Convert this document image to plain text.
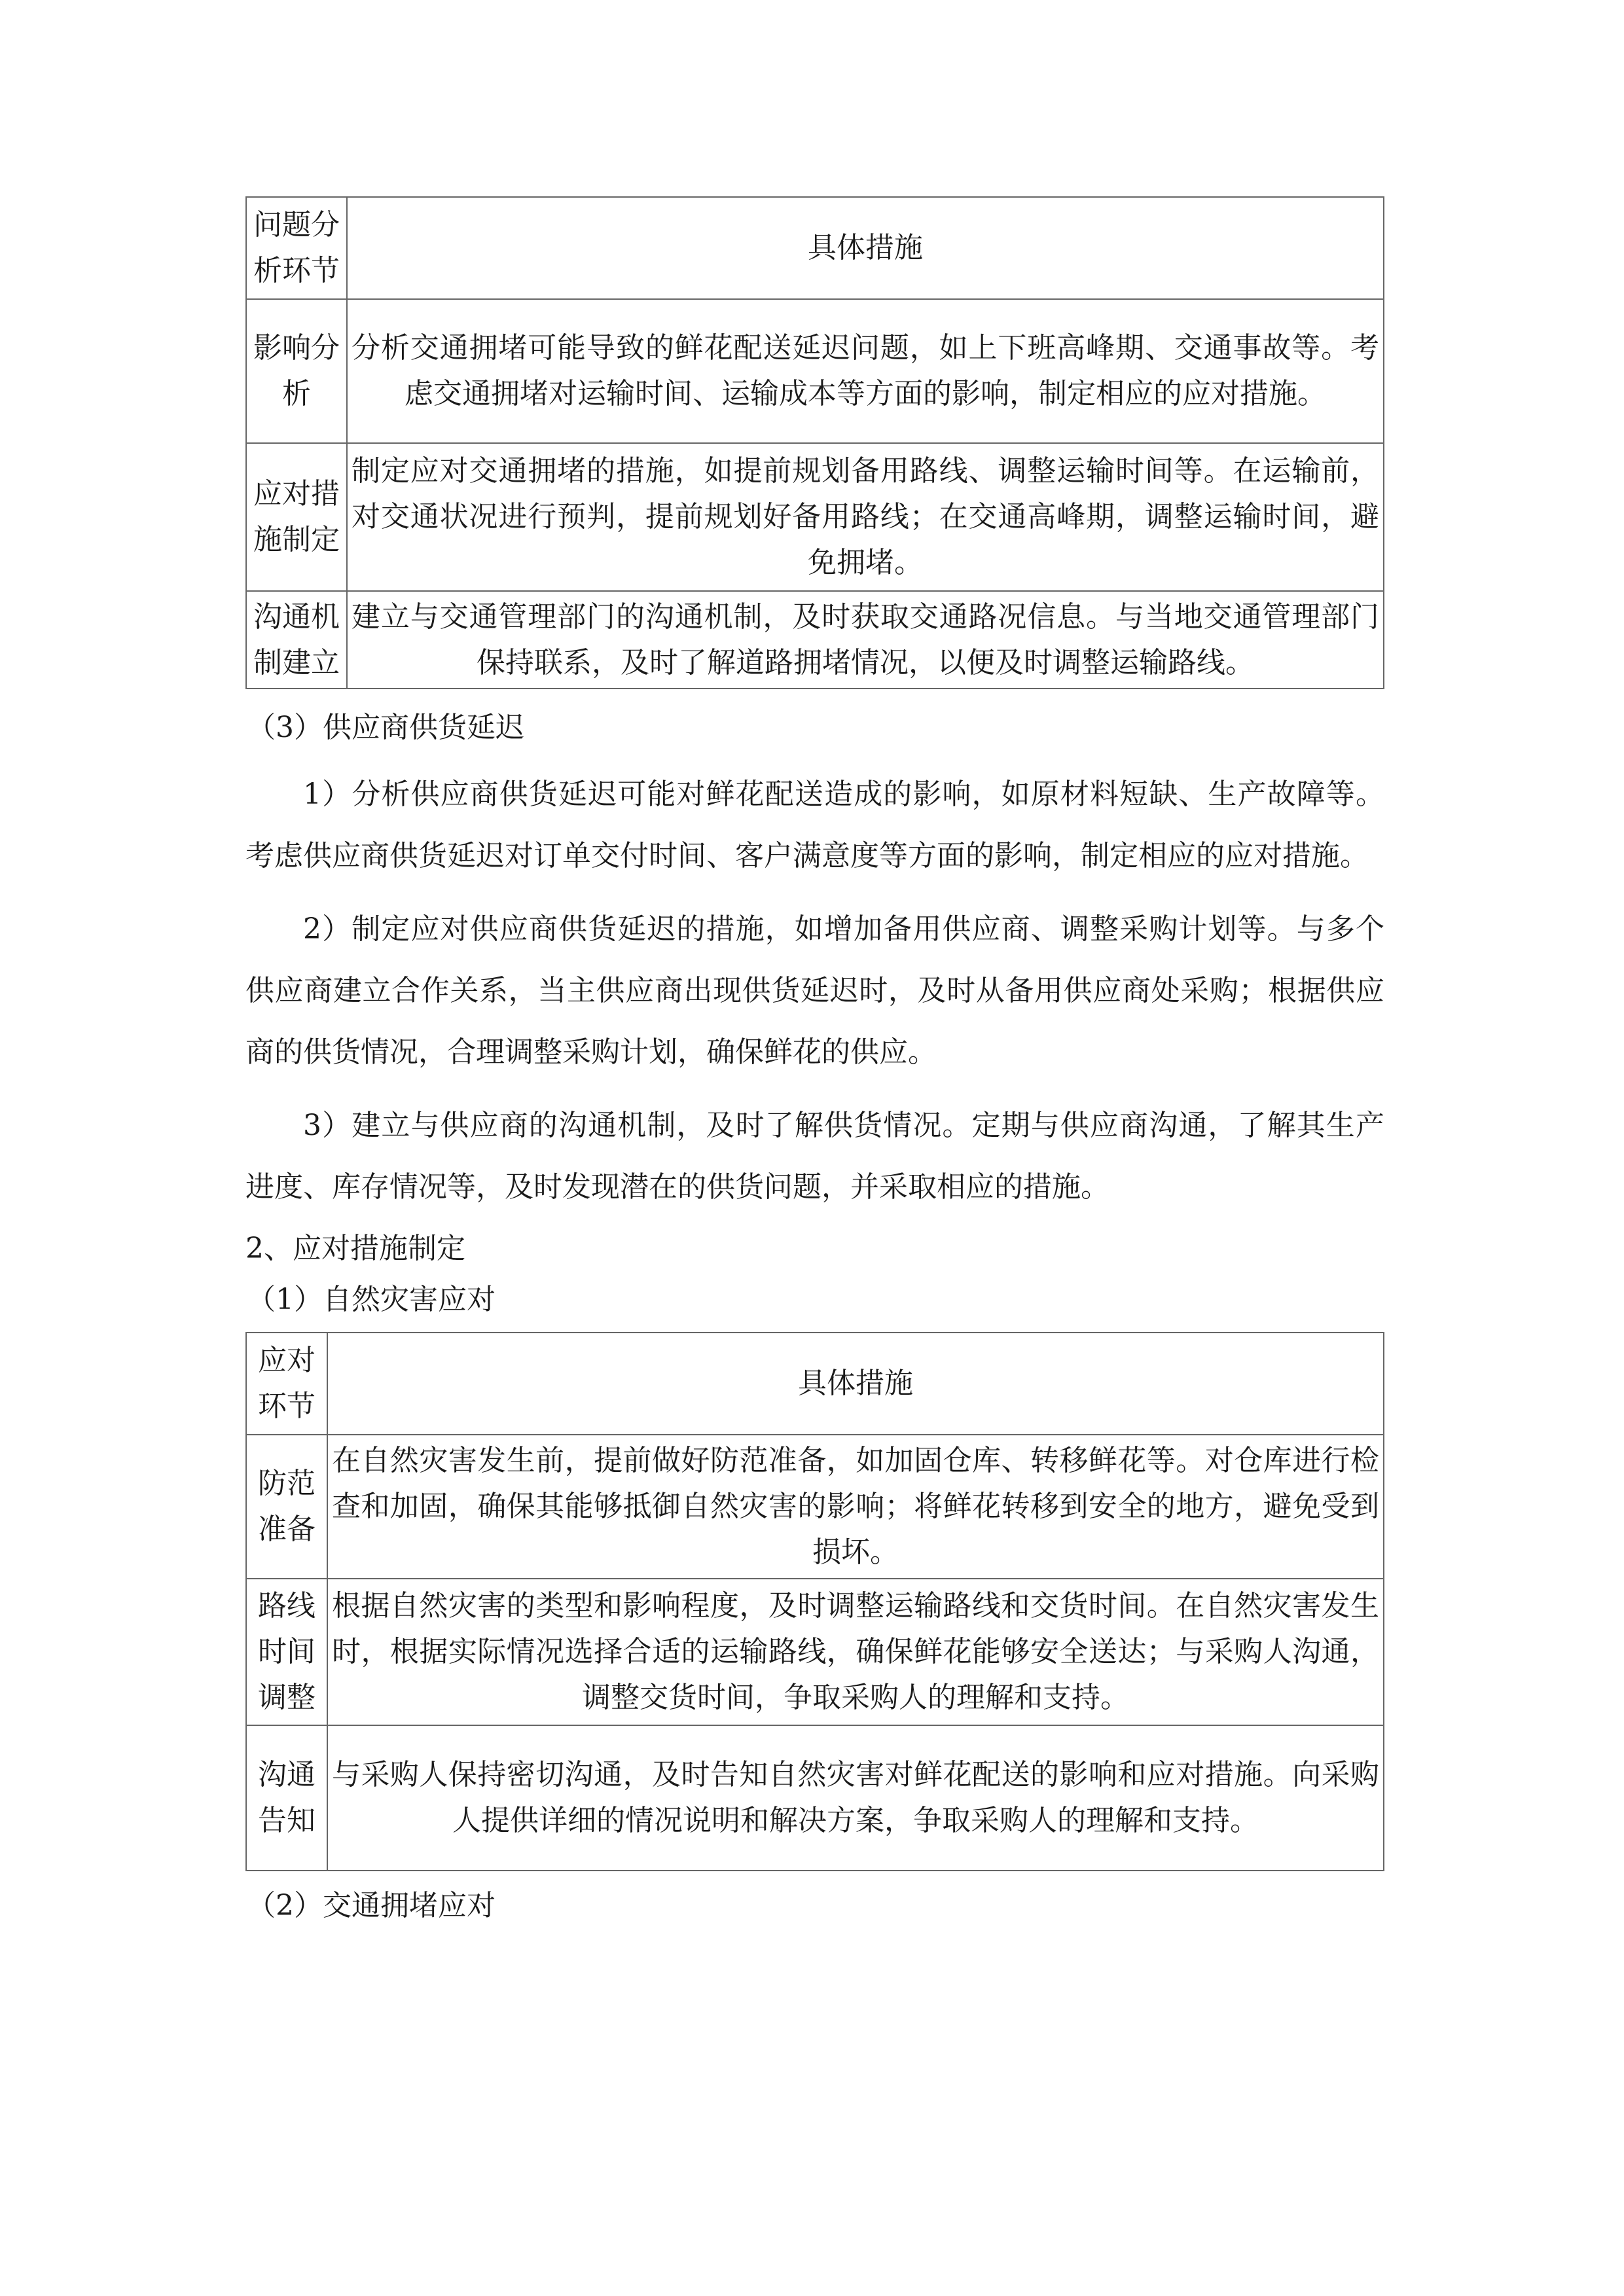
问题分析环节	具体措施
影响分析	分析交通拥堵可能导致的鲜花配送延迟问题，如上下班高峰期、交通事故等。考虑交通拥堵对运输时间、运输成本等方面的影响，制定相应的应对措施。
应对措施制定	制定应对交通拥堵的措施，如提前规划备用路线、调整运输时间等。在运输前，对交通状况进行预判，提前规划好备用路线；在交通高峰期，调整运输时间，避免拥堵。
沟通机制建立	建立与交通管理部门的沟通机制，及时获取交通路况信息。与当地交通管理部门保持联系，及时了解道路拥堵情况，以便及时调整运输路线。

（3）供应商供货延迟

1）分析供应商供货延迟可能对鲜花配送造成的影响，如原材料短缺、生产故障等。考虑供应商供货延迟对订单交付时间、客户满意度等方面的影响，制定相应的应对措施。

2）制定应对供应商供货延迟的措施，如增加备用供应商、调整采购计划等。与多个供应商建立合作关系，当主供应商出现供货延迟时，及时从备用供应商处采购；根据供应商的供货情况，合理调整采购计划，确保鲜花的供应。

3）建立与供应商的沟通机制，及时了解供货情况。定期与供应商沟通，了解其生产进度、库存情况等，及时发现潜在的供货问题，并采取相应的措施。

2、应对措施制定

（1）自然灾害应对

应对环节	具体措施
防范准备	在自然灾害发生前，提前做好防范准备，如加固仓库、转移鲜花等。对仓库进行检查和加固，确保其能够抵御自然灾害的影响；将鲜花转移到安全的地方，避免受到损坏。
路线时间调整	根据自然灾害的类型和影响程度，及时调整运输路线和交货时间。在自然灾害发生时，根据实际情况选择合适的运输路线，确保鲜花能够安全送达；与采购人沟通，调整交货时间，争取采购人的理解和支持。
沟通告知	与采购人保持密切沟通，及时告知自然灾害对鲜花配送的影响和应对措施。向采购人提供详细的情况说明和解决方案，争取采购人的理解和支持。

（2）交通拥堵应对
